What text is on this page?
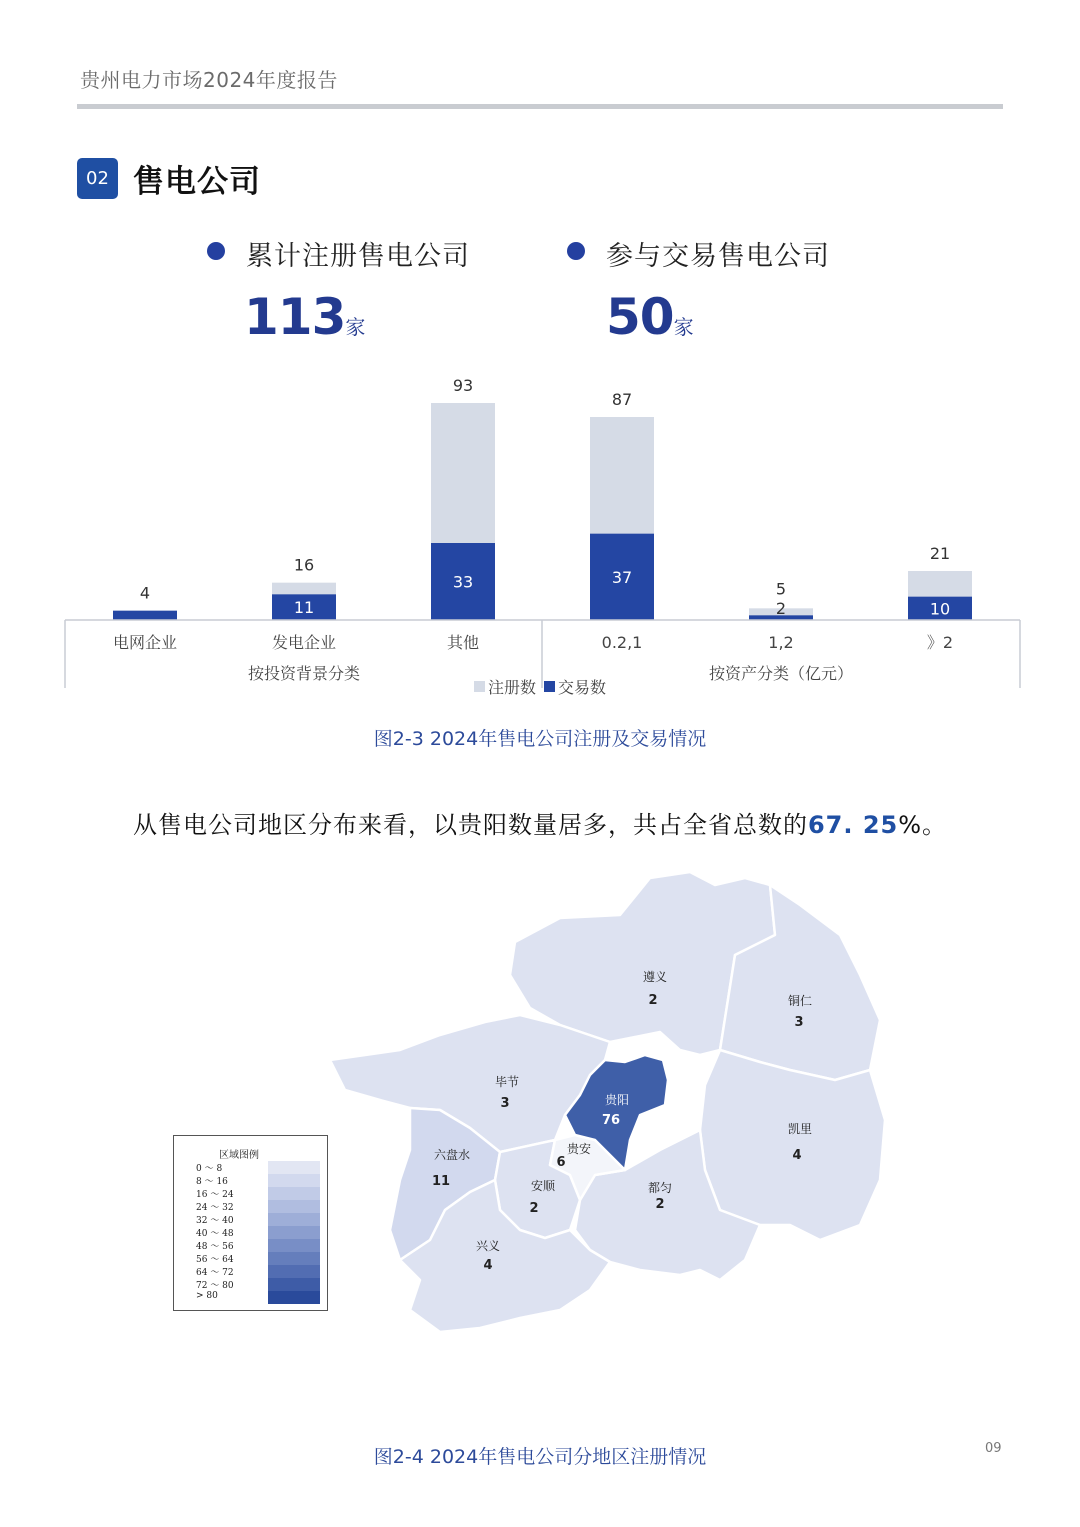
贵州电力市场2024年度报告
02 售电公司
累计注册售电公司
113家
参与交易售电公司
50家
4
电网企业
16
11
发电企业
93
33
其他
87
37
0.2,1
5
2
1,2
21
10
》2
按投资背景分类	按资产分类（亿元）
注册数 交易数
图2-3 2024年售电公司注册及交易情况
从售电公司地区分布来看，以贵阳数量居多，共占全省总数的67. 25%。
遵义
2	铜仁
3
毕节
3	贵阳
76
凯里
4
六盘水
11
贵安
6
安顺
2
都匀
2
兴义
4
区域图例
0 ～ 8
8 ～ 16
16 ～ 24
24 ～ 32
32 ～ 40
40 ～ 48
48 ～ 56
56 ～ 64
64 ～ 72
72 ～ 80
> 80
图2-4 2024年售电公司分地区注册情况	09
